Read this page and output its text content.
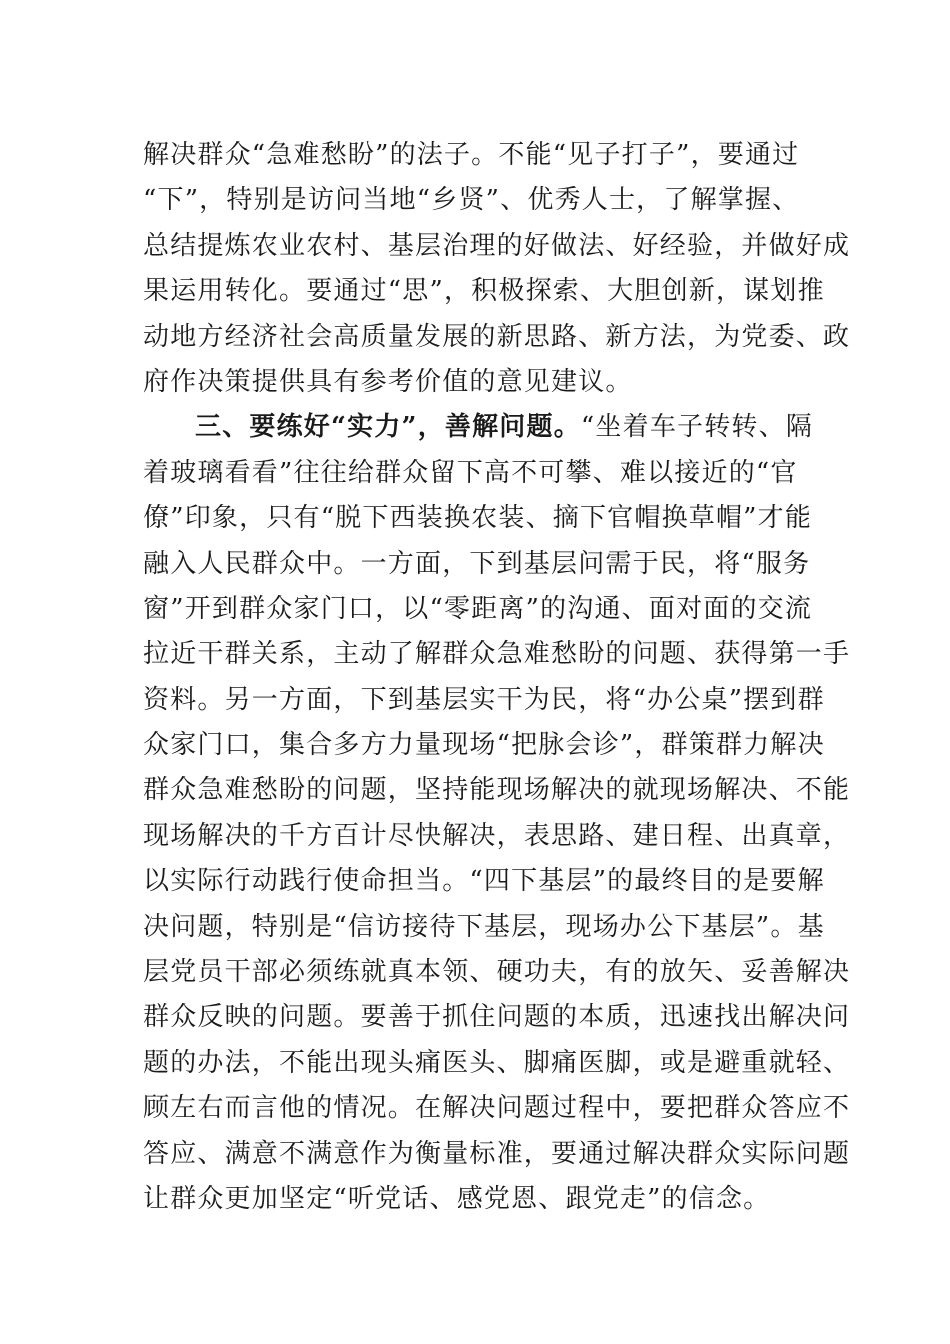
解决群众“急难愁盼”的法子。不能“见子打子”，要通过
“下”，特别是访问当地“乡贤”、优秀人士，了解掌握、
总结提炼农业农村、基层治理的好做法、好经验，并做好成
果运用转化。要通过“思”，积极探索、大胆创新，谋划推
动地方经济社会高质量发展的新思路、新方法，为党委、政
府作决策提供具有参考价值的意见建议。
三、要练好“实力”，善解问题。“坐着车子转转、隔
着玻璃看看”往往给群众留下高不可攀、难以接近的“官
僚”印象，只有“脱下西装换农装、摘下官帽换草帽”才能
融入人民群众中。一方面，下到基层问需于民，将“服务
窗”开到群众家门口，以“零距离”的沟通、面对面的交流
拉近干群关系，主动了解群众急难愁盼的问题、获得第一手
资料。另一方面，下到基层实干为民，将“办公桌”摆到群
众家门口，集合多方力量现场“把脉会诊”，群策群力解决
群众急难愁盼的问题，坚持能现场解决的就现场解决、不能
现场解决的千方百计尽快解决，表思路、建日程、出真章，
以实际行动践行使命担当。“四下基层”的最终目的是要解
决问题，特别是“信访接待下基层，现场办公下基层”。基
层党员干部必须练就真本领、硬功夫，有的放矢、妥善解决
群众反映的问题。要善于抓住问题的本质，迅速找出解决问
题的办法，不能出现头痛医头、脚痛医脚，或是避重就轻、
顾左右而言他的情况。在解决问题过程中，要把群众答应不
答应、满意不满意作为衡量标准，要通过解决群众实际问题
让群众更加坚定“听党话、感党恩、跟党走”的信念。
